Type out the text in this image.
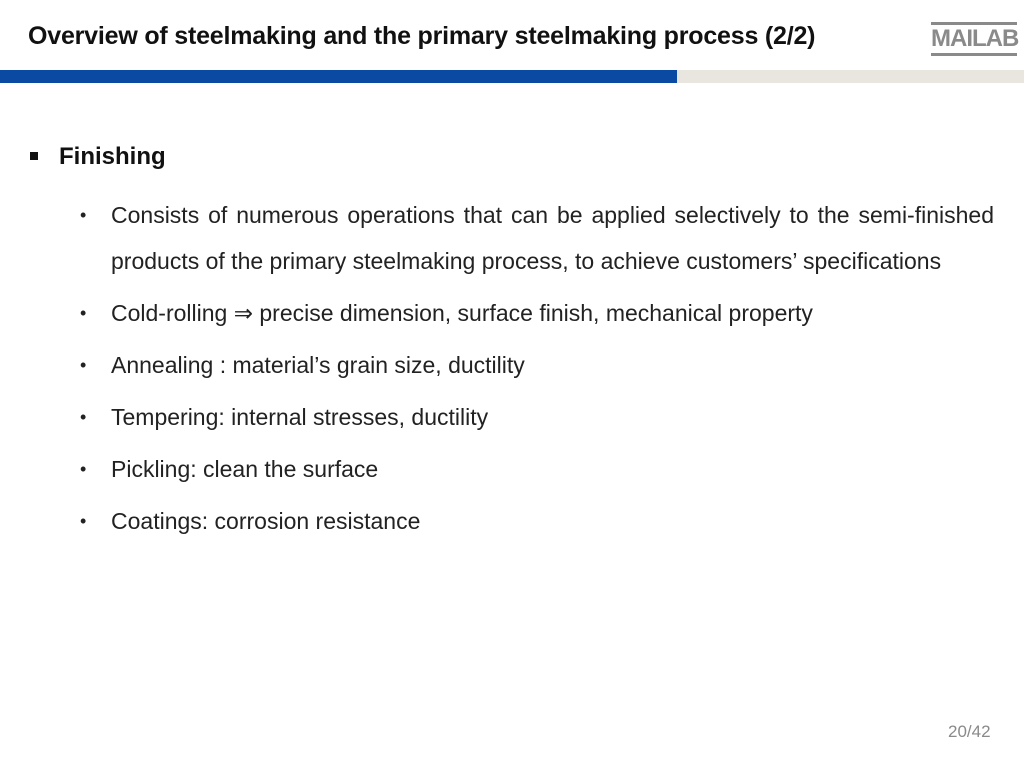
Overview of steelmaking and the primary steelmaking process (2/2)	MAILAB
Finishing
• Consists of numerous operations that can be applied selectively to the semi-finished products of the primary steelmaking process, to achieve customers’ specifications
• Cold-rolling ⇒ precise dimension, surface finish, mechanical property
• Annealing : material’s grain size, ductility
• Tempering: internal stresses, ductility
• Pickling: clean the surface
• Coatings: corrosion resistance
20/42
